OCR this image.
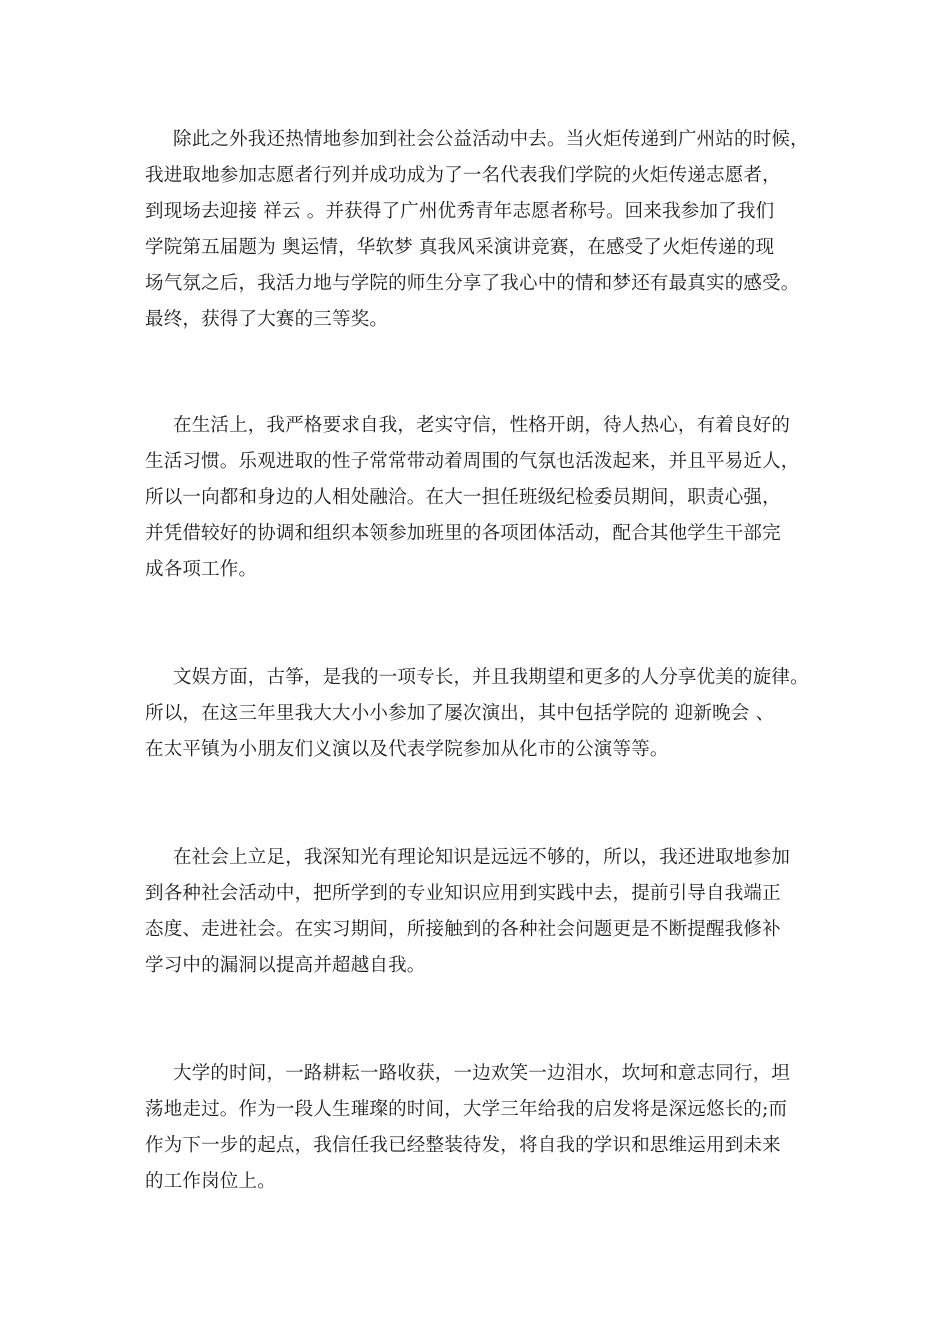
除此之外我还热情地参加到社会公益活动中去。当火炬传递到广州站的时候，
我进取地参加志愿者行列并成功成为了一名代表我们学院的火炬传递志愿者，
到现场去迎接 祥云 。并获得了广州优秀青年志愿者称号。回来我参加了我们
学院第五届题为 奥运情，华软梦 真我风采演讲竞赛，在感受了火炬传递的现
场气氛之后，我活力地与学院的师生分享了我心中的情和梦还有最真实的感受。
最终，获得了大赛的三等奖。
在生活上，我严格要求自我，老实守信，性格开朗，待人热心，有着良好的
生活习惯。乐观进取的性子常常带动着周围的气氛也活泼起来，并且平易近人，
所以一向都和身边的人相处融洽。在大一担任班级纪检委员期间，职责心强，
并凭借较好的协调和组织本领参加班里的各项团体活动，配合其他学生干部完
成各项工作。
文娱方面，古筝，是我的一项专长，并且我期望和更多的人分享优美的旋律。
所以，在这三年里我大大小小参加了屡次演出，其中包括学院的 迎新晚会 、
在太平镇为小朋友们义演以及代表学院参加从化市的公演等等。
在社会上立足，我深知光有理论知识是远远不够的，所以，我还进取地参加
到各种社会活动中，把所学到的专业知识应用到实践中去，提前引导自我端正
态度、走进社会。在实习期间，所接触到的各种社会问题更是不断提醒我修补
学习中的漏洞以提高并超越自我。
大学的时间，一路耕耘一路收获，一边欢笑一边泪水，坎坷和意志同行，坦
荡地走过。作为一段人生璀璨的时间，大学三年给我的启发将是深远悠长的;而
作为下一步的起点，我信任我已经整装待发，将自我的学识和思维运用到未来
的工作岗位上。
